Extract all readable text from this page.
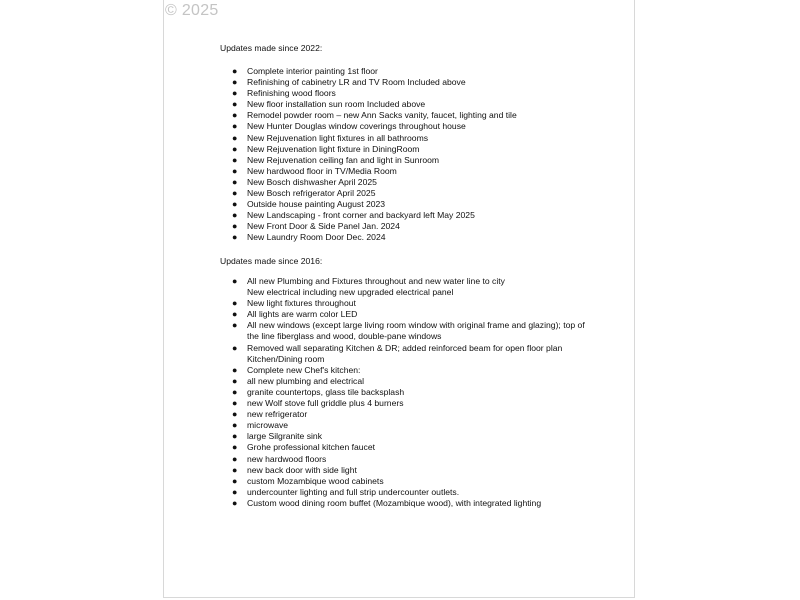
© 2025
Updates made since 2022:
● Complete interior painting 1st floor
● Refinishing of cabinetry LR and TV Room Included above
● Refinishing wood floors
● New floor installation sun room Included above
● Remodel powder room – new Ann Sacks vanity, faucet, lighting and tile
● New Hunter Douglas window coverings throughout house
● New Rejuvenation light fixtures in all bathrooms
● New Rejuvenation light fixture in DiningRoom
● New Rejuvenation ceiling fan and light in Sunroom
● New hardwood floor in TV/Media Room
● New Bosch dishwasher April 2025
● New Bosch refrigerator April 2025
● Outside house painting August 2023
● New Landscaping - front corner and backyard left May 2025
● New Front Door & Side Panel Jan. 2024
● New Laundry Room Door Dec. 2024
Updates made since 2016:
● All new Plumbing and Fixtures throughout and new water line to city
New electrical including new upgraded electrical panel
● New light fixtures throughout
● All lights are warm color LED
● All new windows (except large living room window with original frame and glazing); top of
the line fiberglass and wood, double-pane windows
● Removed wall separating Kitchen & DR; added reinforced beam for open floor plan
Kitchen/Dining room
● Complete new Chef's kitchen:
● all new plumbing and electrical
● granite countertops, glass tile backsplash
● new Wolf stove full griddle plus 4 burners
● new refrigerator
● microwave
● large Silgranite sink
● Grohe professional kitchen faucet
● new hardwood floors
● new back door with side light
● custom Mozambique wood cabinets
● undercounter lighting and full strip undercounter outlets.
● Custom wood dining room buffet (Mozambique wood), with integrated lighting
